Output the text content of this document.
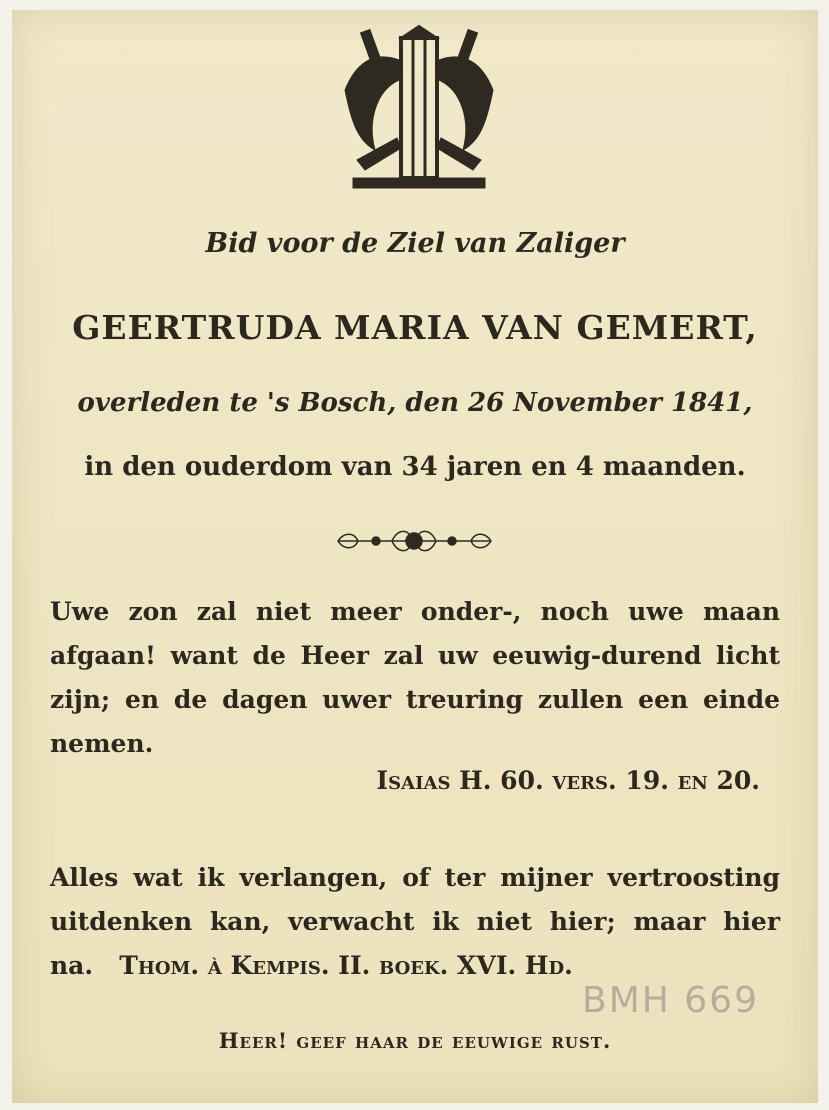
Bid voor de Ziel van Zaliger
GEERTRUDA MARIA VAN GEMERT,
overleden te 's Bosch, den 26 November 1841,
in den ouderdom van 34 jaren en 4 maanden.
Uwe zon zal niet meer onder-, noch uwe maan afgaan! want de Heer zal uw eeuwig-durend licht zijn; en de dagen uwer treuring zullen een einde nemen.
Isaias H. 60. vers. 19. en 20.
Alles wat ik verlangen, of ter mijner vertroosting uitdenken kan, verwacht ik niet hier; maar hier na. Thom. à Kempis. II. boek. XVI. Hd.
BMH 669
Heer! geef haar de eeuwige rust.
